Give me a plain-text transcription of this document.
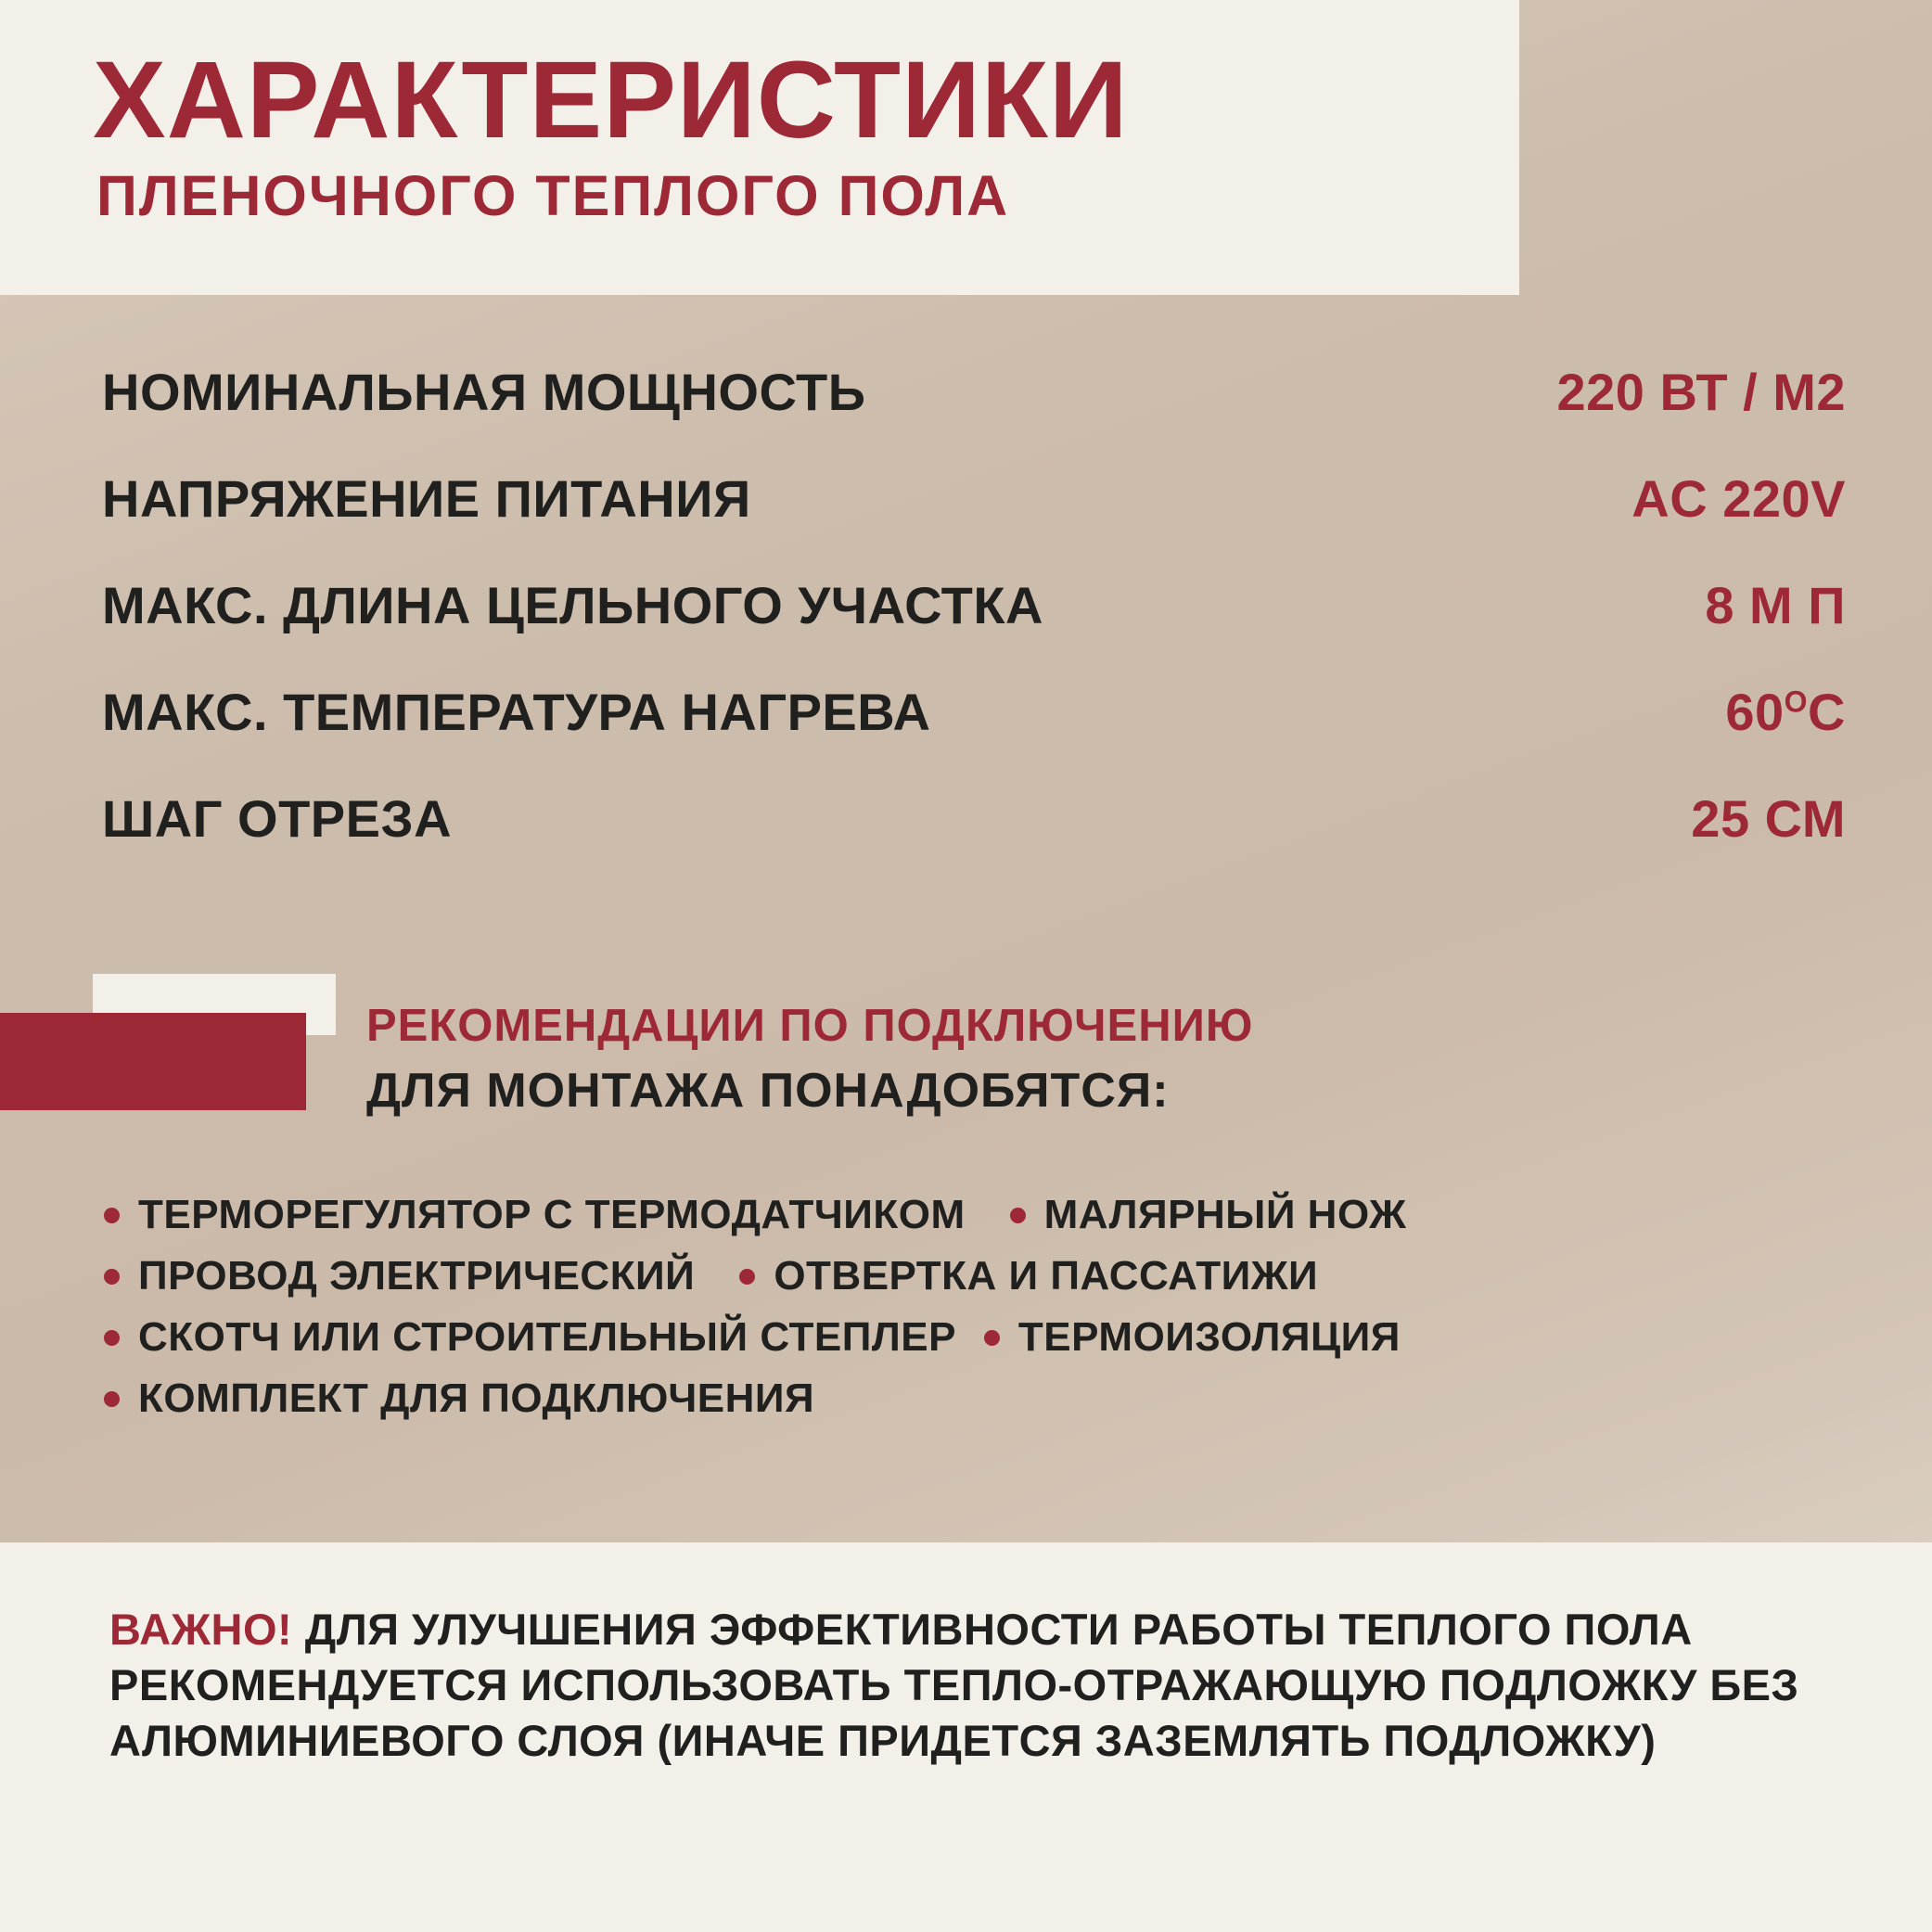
ХАРАКТЕРИСТИКИ
ПЛЕНОЧНОГО ТЕПЛОГО ПОЛА
НОМИНАЛЬНАЯ МОЩНОСТЬ	220 ВТ / М2
НАПРЯЖЕНИЕ ПИТАНИЯ	AC 220V
МАКС. ДЛИНА ЦЕЛЬНОГО УЧАСТКА	8 М П
МАКС. ТЕМПЕРАТУРА НАГРЕВА	$60^OC$
ШАГ ОТРЕЗА	25 СМ
РЕКОМЕНДАЦИИ ПО ПОДКЛЮЧЕНИЮ
ДЛЯ МОНТАЖА ПОНАДОБЯТСЯ:
ТЕРМОРЕГУЛЯТОР С ТЕРМОДАТЧИКОМ МАЛЯРНЫЙ НОЖ
ПРОВОД ЭЛЕКТРИЧЕСКИЙ ОТВЕРТКА И ПАССАТИЖИ
СКОТЧ ИЛИ СТРОИТЕЛЬНЫЙ СТЕПЛЕР ТЕРМОИЗОЛЯЦИЯ
КОМПЛЕКТ ДЛЯ ПОДКЛЮЧЕНИЯ

ВАЖНО! ДЛЯ УЛУЧШЕНИЯ ЭФФЕКТИВНОСТИ РАБОТЫ ТЕПЛОГО ПОЛА РЕКОМЕНДУЕТСЯ ИСПОЛЬЗОВАТЬ ТЕПЛО-ОТРАЖАЮЩУЮ ПОДЛОЖКУ БЕЗ АЛЮМИНИЕВОГО СЛОЯ (ИНАЧЕ ПРИДЕТСЯ ЗАЗЕМЛЯТЬ ПОДЛОЖКУ)
